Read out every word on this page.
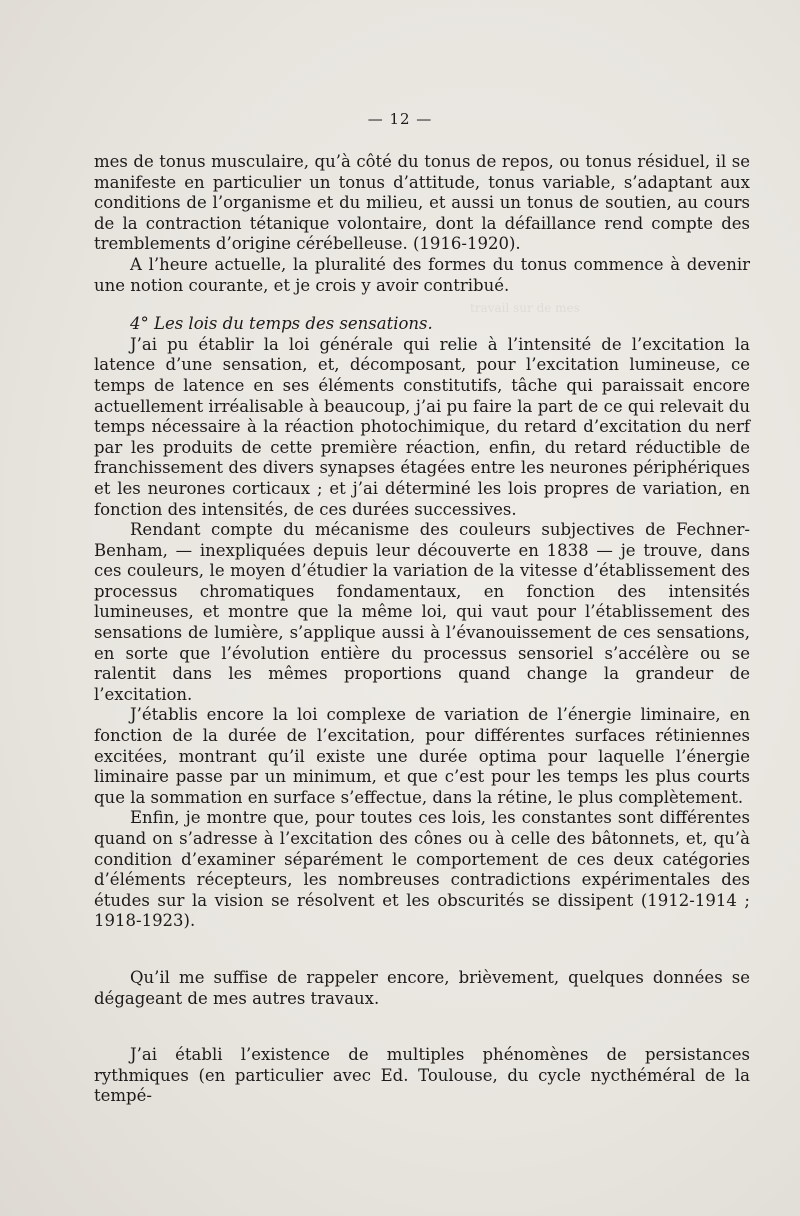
travail sur de mes
— 12 —

mes de tonus musculaire, qu’à côté du tonus de repos, ou tonus résiduel, il se manifeste en particulier un tonus d’attitude, tonus variable, s’adaptant aux conditions de l’organisme et du milieu, et aussi un tonus de soutien, au cours de la contraction tétanique volontaire, dont la défaillance rend compte des tremblements d’origine cérébelleuse. (1916-1920).

A l’heure actuelle, la pluralité des formes du tonus commence à devenir une notion courante, et je crois y avoir contribué.

4° Les lois du temps des sensations.

J’ai pu établir la loi générale qui relie à l’intensité de l’excitation la latence d’une sensation, et, décomposant, pour l’excitation lumineuse, ce temps de latence en ses éléments constitutifs, tâche qui paraissait encore actuellement irréalisable à beaucoup, j’ai pu faire la part de ce qui relevait du temps nécessaire à la réaction photochimique, du retard d’excitation du nerf par les produits de cette première réaction, enfin, du retard réductible de franchissement des divers synapses étagées entre les neurones périphériques et les neurones corticaux ; et j’ai déterminé les lois propres de variation, en fonction des intensités, de ces durées successives.

Rendant compte du mécanisme des couleurs subjectives de Fechner-Benham, — inexpliquées depuis leur découverte en 1838 — je trouve, dans ces couleurs, le moyen d’étudier la variation de la vitesse d’établissement des processus chromatiques fondamentaux, en fonction des intensités lumineuses, et montre que la même loi, qui vaut pour l’établissement des sensations de lumière, s’applique aussi à l’évanouissement de ces sensations, en sorte que l’évolution entière du processus sensoriel s’accélère ou se ralentit dans les mêmes proportions quand change la grandeur de l’excitation.

J’établis encore la loi complexe de variation de l’énergie liminaire, en fonction de la durée de l’excitation, pour différentes surfaces rétiniennes excitées, montrant qu’il existe une durée optima pour laquelle l’énergie liminaire passe par un minimum, et que c’est pour les temps les plus courts que la sommation en surface s’effectue, dans la rétine, le plus complètement.

Enfin, je montre que, pour toutes ces lois, les constantes sont différentes quand on s’adresse à l’excitation des cônes ou à celle des bâtonnets, et, qu’à condition d’examiner séparément le comportement de ces deux catégories d’éléments récepteurs, les nombreuses contradictions expérimentales des études sur la vision se résolvent et les obscurités se dissipent (1912-1914 ; 1918-1923).

Qu’il me suffise de rappeler encore, brièvement, quelques données se dégageant de mes autres travaux.

J’ai établi l’existence de multiples phénomènes de persistances rythmiques (en particulier avec Ed. Toulouse, du cycle nycthéméral de la tempé-
